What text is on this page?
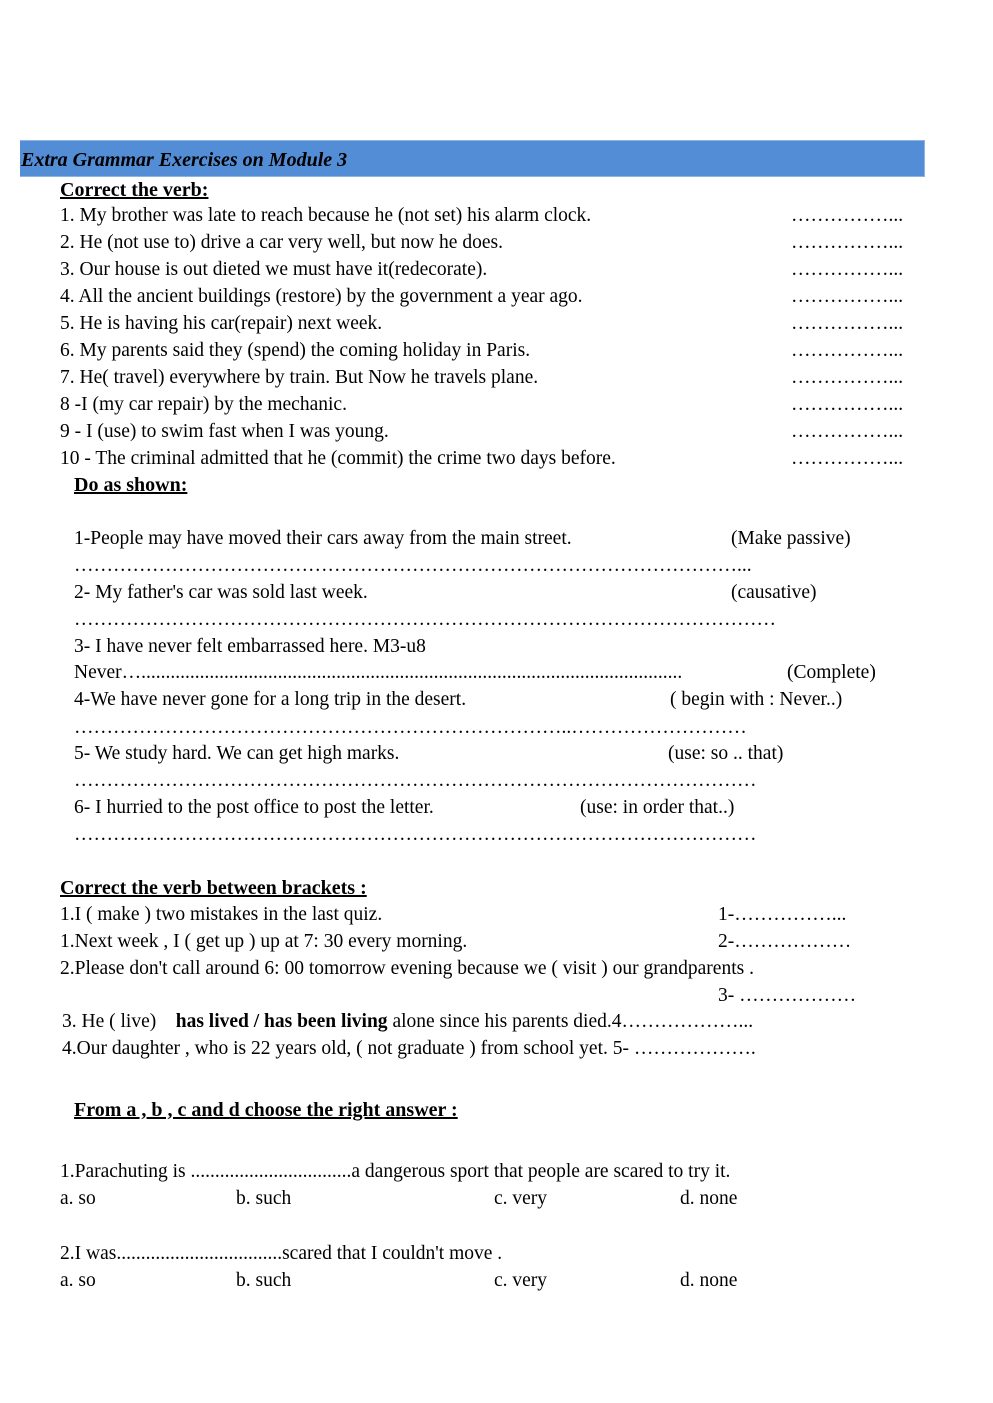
Extra Grammar Exercises on Module 3
Correct the verb:
1. My brother was late to reach because he (not set) his alarm clock.	……………...
2. He (not use to) drive a car very well, but now he does.	……………...
3. Our house is out dieted we must have it(redecorate).	……………...
4. All the ancient buildings (restore) by the government a year ago.	……………...
5. He is having his car(repair) next week.	……………...
6. My parents said they (spend) the coming holiday in Paris.	……………...
7. He( travel) everywhere by train. But Now he travels plane.	……………...
8 -I (my car repair) by the mechanic.	……………...
9 - I (use) to swim fast when I was young.	……………...
10 - The criminal admitted that he (commit) the crime two days before.	……………...
Do as shown:
1-People may have moved their cars away from the main street.	(Make passive)
…………………………………………………………………………………………...
2- My father's car was sold last week.	(causative)
………………………………………………………………………………………………
3- I have never felt embarrassed here. M3-u8
Never…...............................................................................................................	(Complete)
4-We have never gone for a long trip in the desert.	( begin with : Never..)
…………………………………………………………………..………………………
5- We study hard. We can get high marks.	(use: so .. that)
……………………………………………………………………………………………
6- I hurried to the post office to post the letter.	(use: in order that..)
……………………………………………………………………………………………
Correct the verb between brackets :
1.I ( make ) two mistakes in the last quiz.	1-……………...
1.Next week , I ( get up ) up at 7: 30 every morning.	2-………………
2.Please don't call around 6: 00 tomorrow evening because we ( visit ) our grandparents .
3- ………………
3. He ( live) has lived / has been living alone since his parents died.4………………...
4.Our daughter , who is 22 years old, ( not graduate ) from school yet. 5- ……………….
From a , b , c and d choose the right answer :
1.Parachuting is .................................a dangerous sport that people are scared to try it.
a. so	b. such	c. very	d. none
2.I was..................................scared that I couldn't move .
a. so	b. such	c. very	d. none
